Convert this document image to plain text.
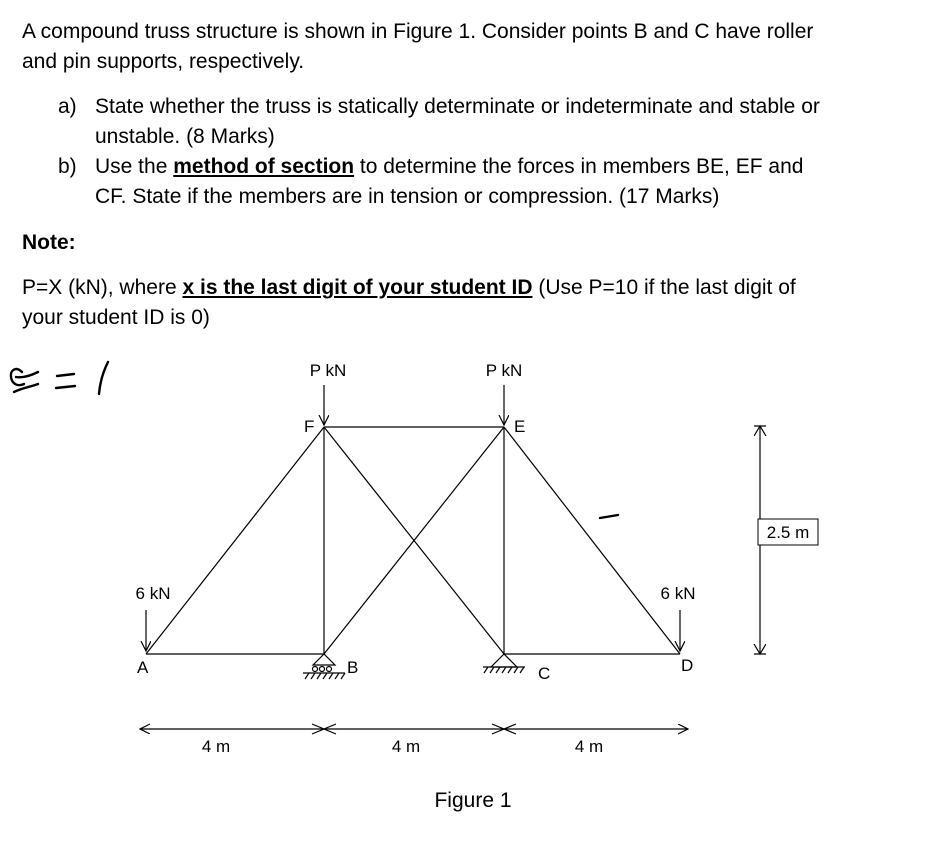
A compound truss structure is shown in Figure 1. Consider points B and C have roller
and pin supports, respectively.
a) State whether the truss is statically determinate or indeterminate and stable or
unstable. (8 Marks)
b) Use the method of section to determine the forces in members BE, EF and
CF. State if the members are in tension or compression. (17 Marks)
Note:
P=X (kN), where x is the last digit of your student ID (Use P=10 if the last digit of
your student ID is 0)
P kN	P kN
6 kN	6 kN
F	E
A	B	C	D
4 m	4 m	4 m
2.5 m
Figure 1
